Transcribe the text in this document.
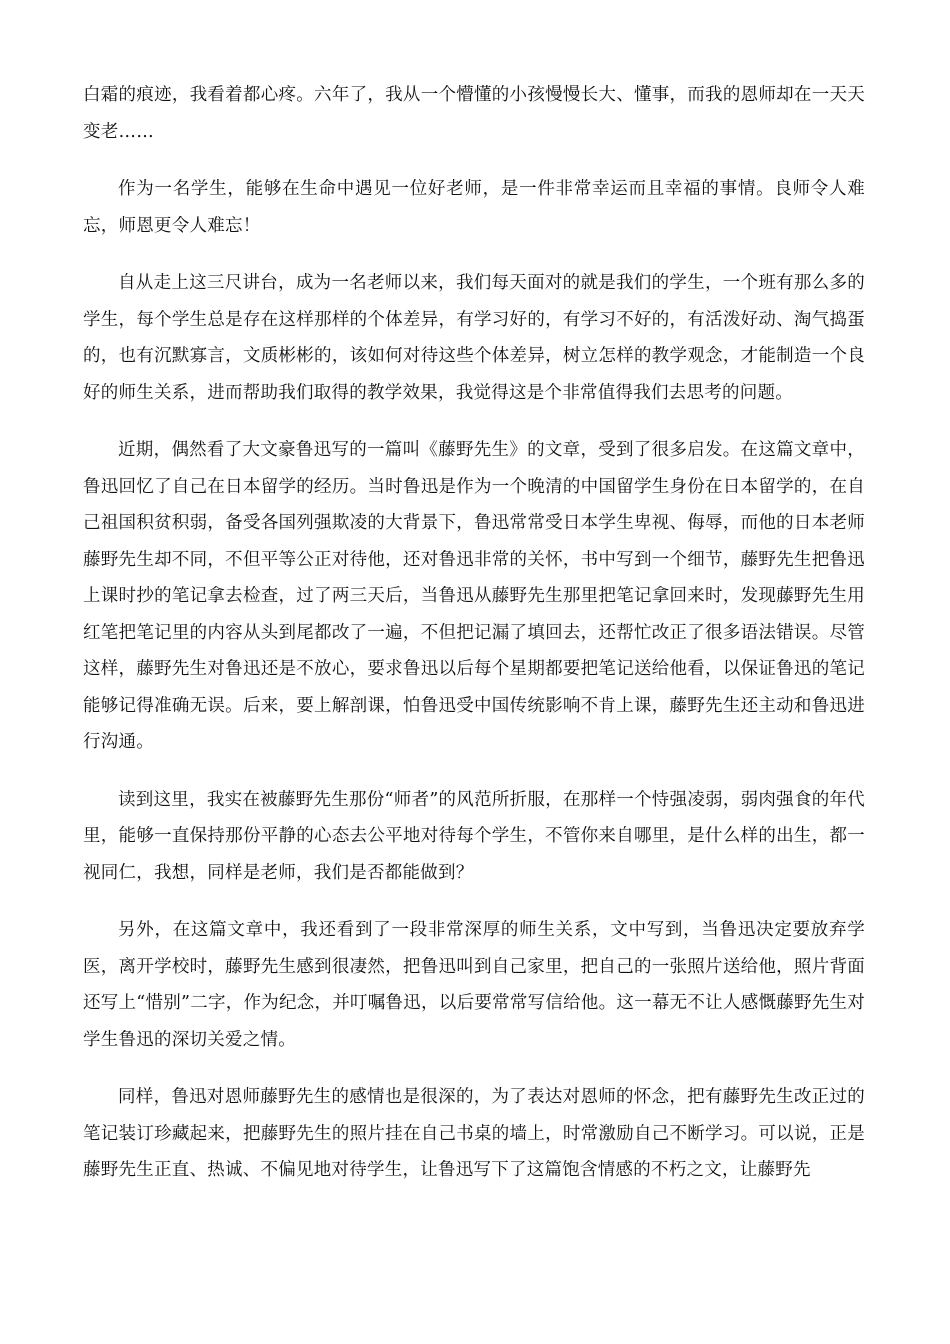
白霜的痕迹，我看着都心疼。六年了，我从一个懵懂的小孩慢慢长大、懂事，而我的恩师却在一天天变老……

作为一名学生，能够在生命中遇见一位好老师，是一件非常幸运而且幸福的事情。良师令人难忘，师恩更令人难忘！

自从走上这三尺讲台，成为一名老师以来，我们每天面对的就是我们的学生，一个班有那么多的学生，每个学生总是存在这样那样的个体差异，有学习好的，有学习不好的，有活泼好动、淘气捣蛋的，也有沉默寡言，文质彬彬的，该如何对待这些个体差异，树立怎样的教学观念，才能制造一个良好的师生关系，进而帮助我们取得的教学效果，我觉得这是个非常值得我们去思考的问题。

近期，偶然看了大文豪鲁迅写的一篇叫《藤野先生》的文章，受到了很多启发。在这篇文章中，鲁迅回忆了自己在日本留学的经历。当时鲁迅是作为一个晚清的中国留学生身份在日本留学的，在自己祖国积贫积弱，备受各国列强欺凌的大背景下，鲁迅常常受日本学生卑视、侮辱，而他的日本老师藤野先生却不同，不但平等公正对待他，还对鲁迅非常的关怀，书中写到一个细节，藤野先生把鲁迅上课时抄的笔记拿去检查，过了两三天后，当鲁迅从藤野先生那里把笔记拿回来时，发现藤野先生用红笔把笔记里的内容从头到尾都改了一遍，不但把记漏了填回去，还帮忙改正了很多语法错误。尽管这样，藤野先生对鲁迅还是不放心，要求鲁迅以后每个星期都要把笔记送给他看，以保证鲁迅的笔记能够记得准确无误。后来，要上解剖课，怕鲁迅受中国传统影响不肯上课，藤野先生还主动和鲁迅进行沟通。

读到这里，我实在被藤野先生那份“师者”的风范所折服，在那样一个恃强凌弱，弱肉强食的年代里，能够一直保持那份平静的心态去公平地对待每个学生，不管你来自哪里，是什么样的出生，都一视同仁，我想，同样是老师，我们是否都能做到？

另外，在这篇文章中，我还看到了一段非常深厚的师生关系，文中写到，当鲁迅决定要放弃学医，离开学校时，藤野先生感到很凄然，把鲁迅叫到自己家里，把自己的一张照片送给他，照片背面还写上“惜别”二字，作为纪念，并叮嘱鲁迅，以后要常常写信给他。这一幕无不让人感慨藤野先生对学生鲁迅的深切关爱之情。

同样，鲁迅对恩师藤野先生的感情也是很深的，为了表达对恩师的怀念，把有藤野先生改正过的笔记装订珍藏起来，把藤野先生的照片挂在自己书桌的墙上，时常激励自己不断学习。可以说，正是藤野先生正直、热诚、不偏见地对待学生，让鲁迅写下了这篇饱含情感的不朽之文，让藤野先
